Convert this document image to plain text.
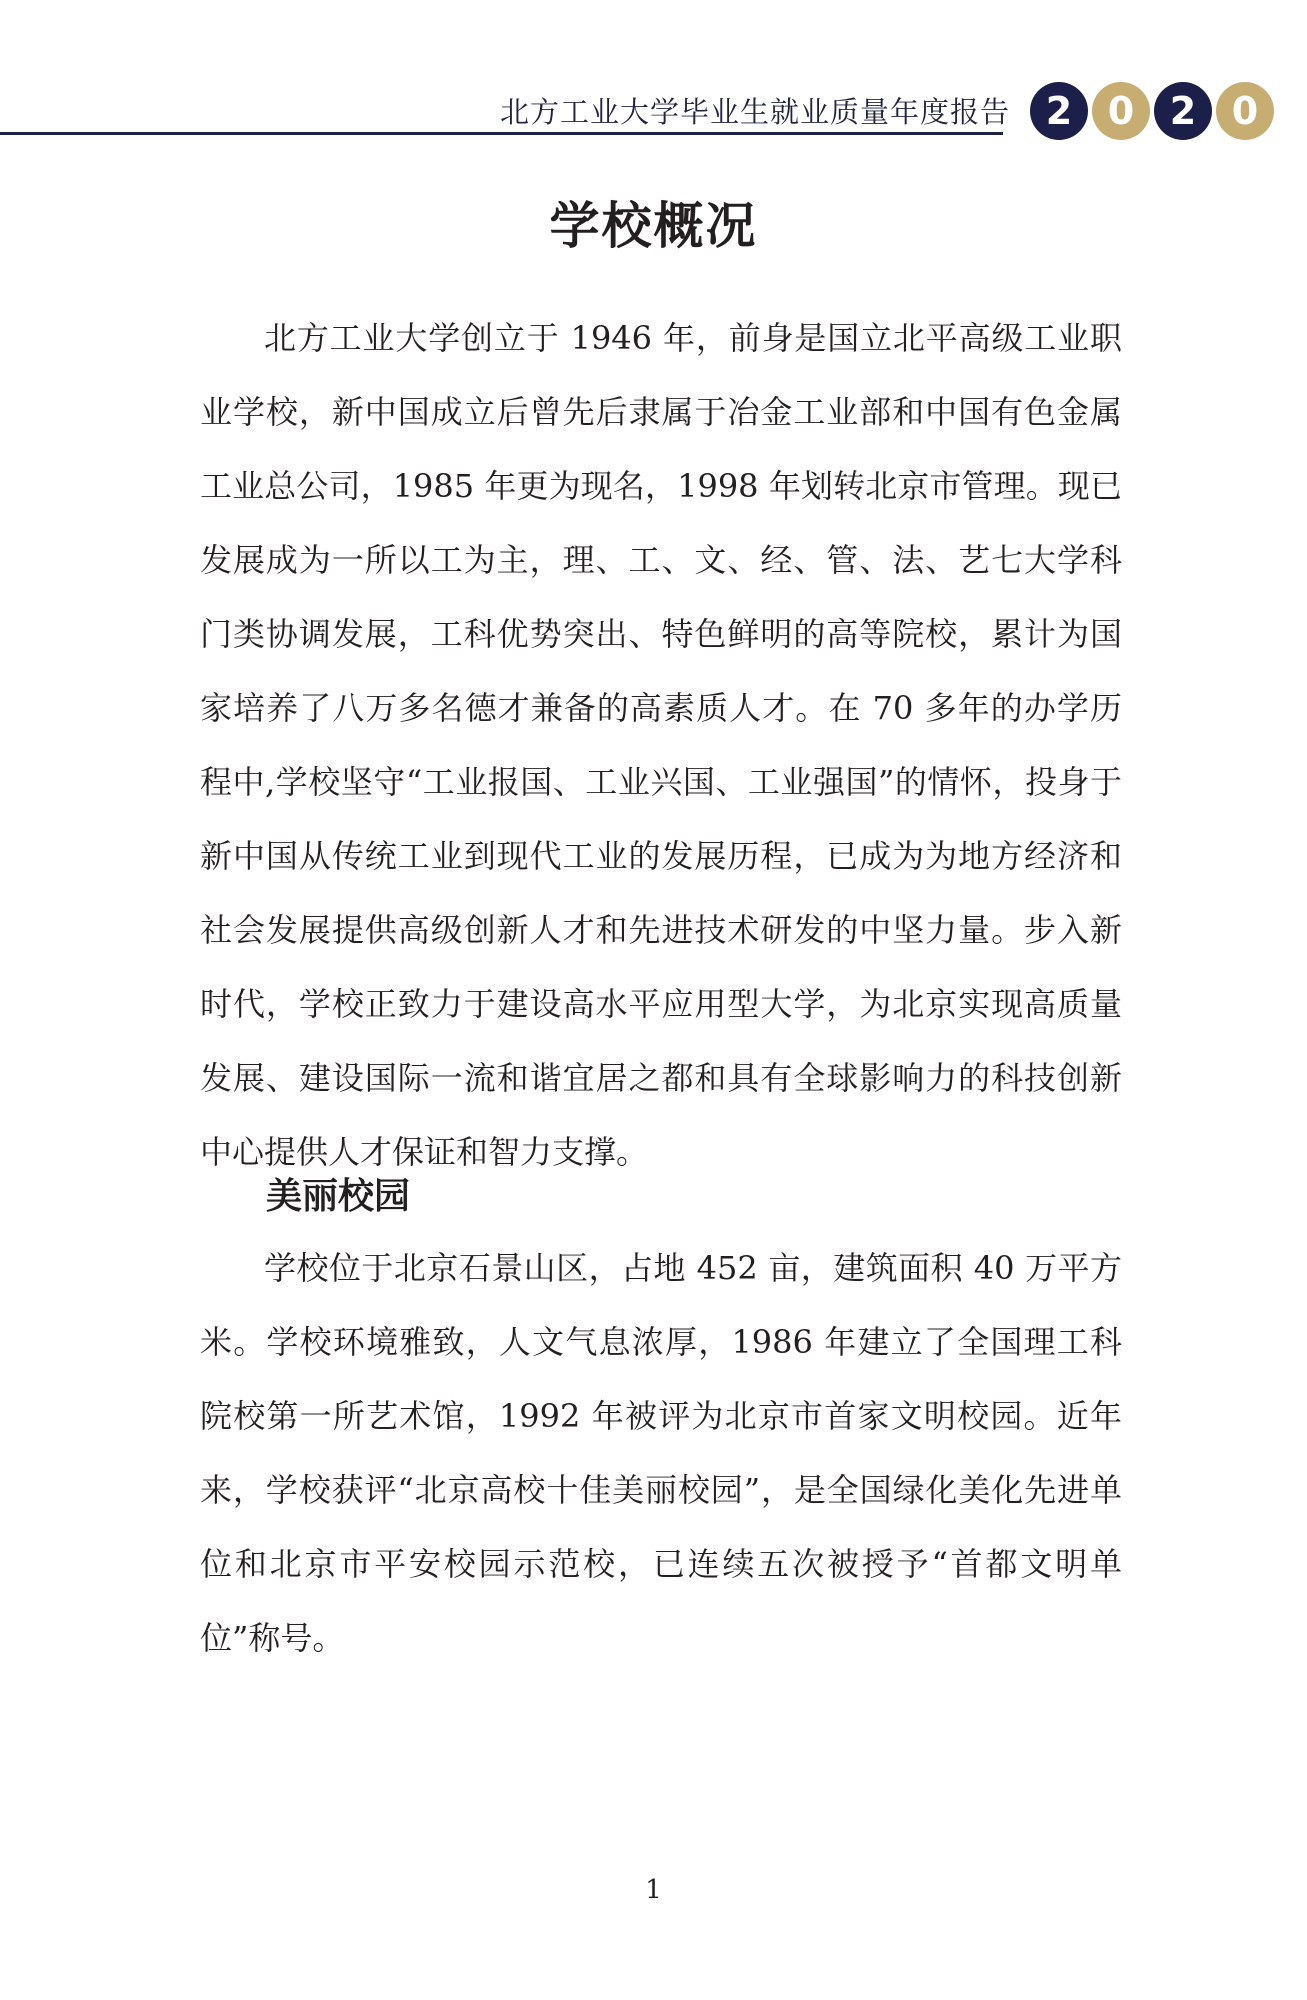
北方工业大学毕业生就业质量年度报告 2 0 2 0
学校概况

北方工业大学创立于 1946 年，前身是国立北平高级工业职业学校，新中国成立后曾先后隶属于冶金工业部和中国有色金属工业总公司，1985 年更为现名，1998 年划转北京市管理。现已发展成为一所以工为主，理、工、文、经、管、法、艺七大学科门类协调发展，工科优势突出、特色鲜明的高等院校，累计为国家培养了八万多名德才兼备的高素质人才。在 70 多年的办学历程中,学校坚守“工业报国、工业兴国、工业强国”的情怀，投身于新中国从传统工业到现代工业的发展历程，已成为为地方经济和社会发展提供高级创新人才和先进技术研发的中坚力量。步入新时代，学校正致力于建设高水平应用型大学，为北京实现高质量发展、建设国际一流和谐宜居之都和具有全球影响力的科技创新中心提供人才保证和智力支撑。

美丽校园

学校位于北京石景山区，占地 452 亩，建筑面积 40 万平方米。学校环境雅致，人文气息浓厚，1986 年建立了全国理工科院校第一所艺术馆，1992 年被评为北京市首家文明校园。近年来，学校获评“北京高校十佳美丽校园”，是全国绿化美化先进单位和北京市平安校园示范校，已连续五次被授予“首都文明单位”称号。

1
